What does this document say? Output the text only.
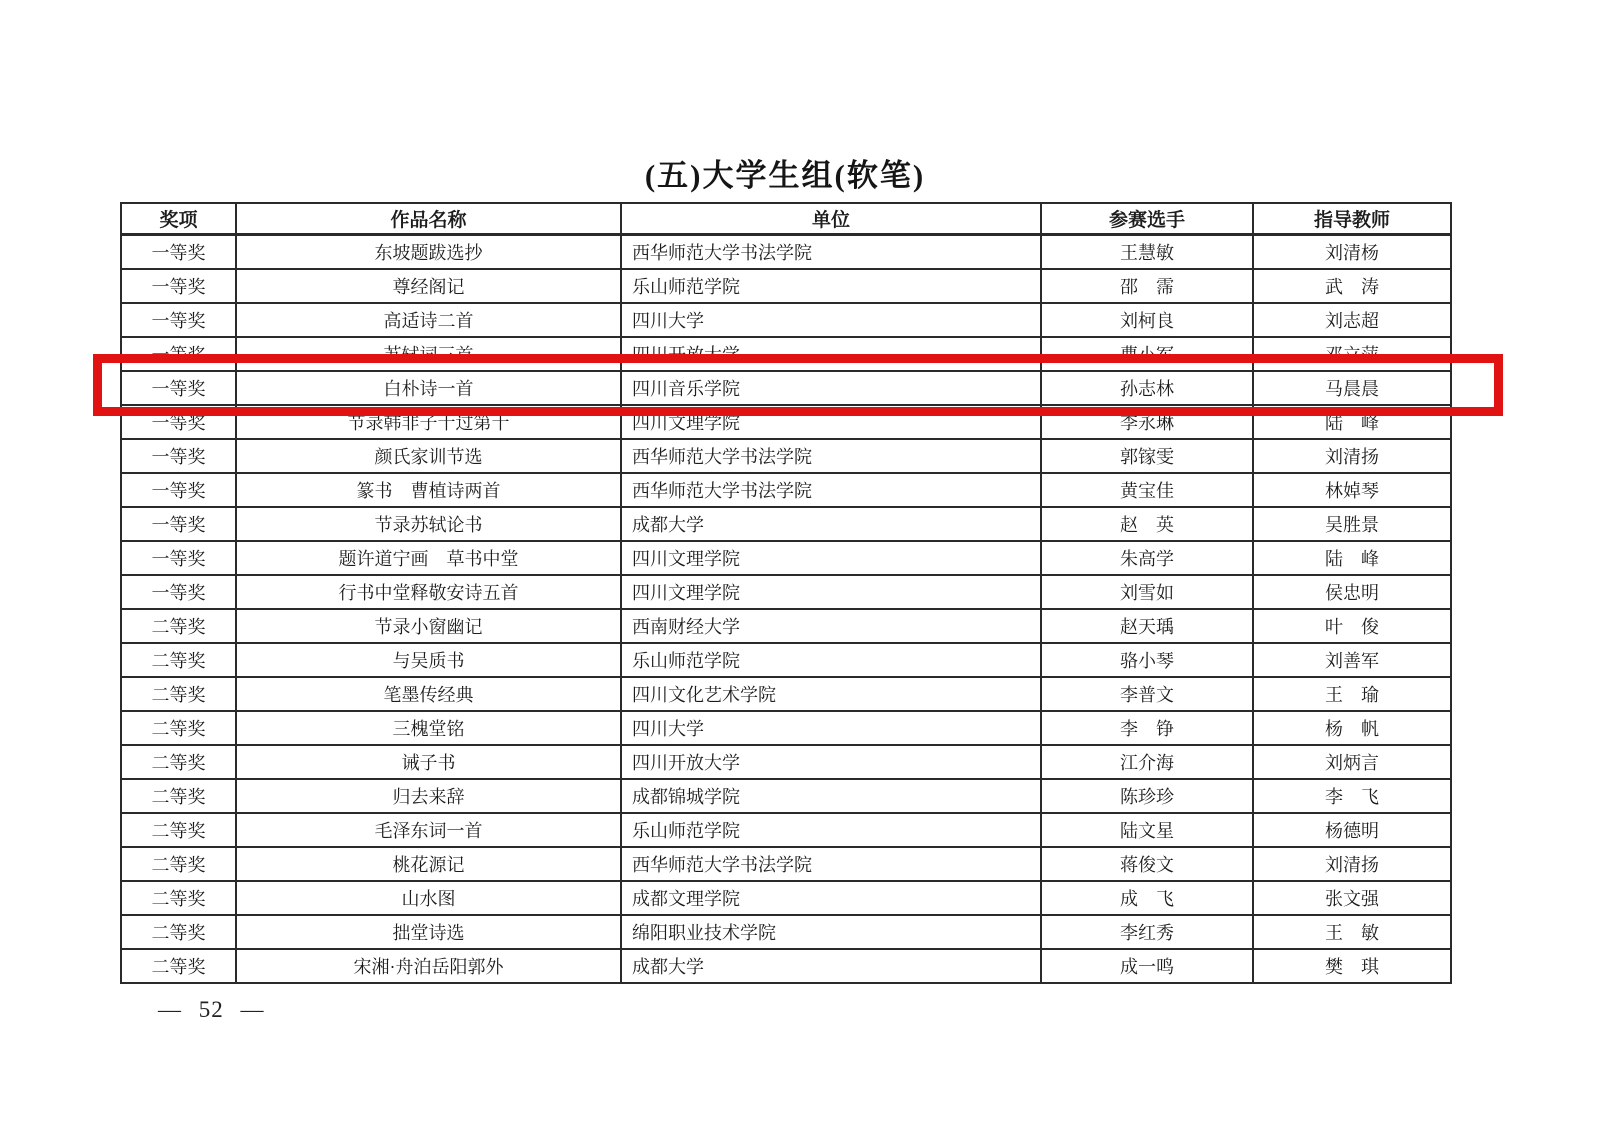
(五)大学生组(软笔)
奖项	作品名称	单位	参赛选手	指导教师
一等奖	东坡题跋选抄	西华师范大学书法学院	王慧敏	刘清杨
一等奖	尊经阁记	乐山师范学院	邵　霈	武　涛
一等奖	高适诗二首	四川大学	刘柯良	刘志超
一等奖	苏轼词三首	四川开放大学	曹小军	邓立萍
一等奖	白朴诗一首	四川音乐学院	孙志林	马晨晨
一等奖	节录韩非子十过第十	四川文理学院	李永琳	陆　峰
一等奖	颜氏家训节选	西华师范大学书法学院	郭镓雯	刘清扬
一等奖	篆书　曹植诗两首	西华师范大学书法学院	黄宝佳	林婥琴
一等奖	节录苏轼论书	成都大学	赵　英	吴胜景
一等奖	题许道宁画　草书中堂	四川文理学院	朱高学	陆　峰
一等奖	行书中堂释敬安诗五首	四川文理学院	刘雪如	侯忠明
二等奖	节录小窗幽记	西南财经大学	赵天瑀	叶　俊
二等奖	与吴质书	乐山师范学院	骆小琴	刘善军
二等奖	笔墨传经典	四川文化艺术学院	李普文	王　瑜
二等奖	三槐堂铭	四川大学	李　铮	杨　帆
二等奖	诫子书	四川开放大学	江介海	刘炳言
二等奖	归去来辞	成都锦城学院	陈珍珍	李　飞
二等奖	毛泽东词一首	乐山师范学院	陆文星	杨德明
二等奖	桃花源记	西华师范大学书法学院	蒋俊文	刘清扬
二等奖	山水图	成都文理学院	成　飞	张文强
二等奖	拙堂诗选	绵阳职业技术学院	李红秀	王　敏
二等奖	宋湘·舟泊岳阳郭外	成都大学	成一鸣	樊　琪
— 52 —
